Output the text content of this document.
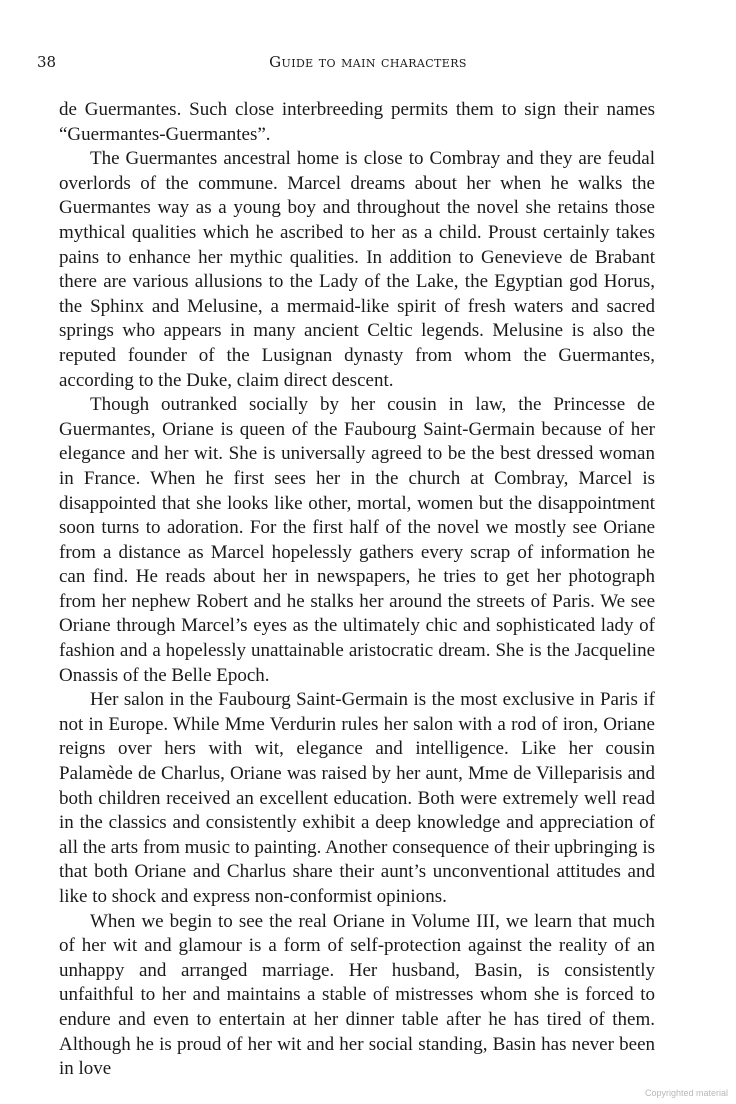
38	Guide to main characters

de Guermantes. Such close interbreeding permits them to sign their names “Guermantes-Guermantes”.

The Guermantes ancestral home is close to Combray and they are feudal overlords of the commune. Marcel dreams about her when he walks the Guermantes way as a young boy and throughout the novel she retains those mythical qualities which he ascribed to her as a child. Proust certainly takes pains to enhance her mythic qualities. In addition to Genevieve de Brabant there are various allusions to the Lady of the Lake, the Egyptian god Horus, the Sphinx and Melusine, a mermaid-like spirit of fresh waters and sacred springs who appears in many ancient Celtic legends. Melusine is also the reputed founder of the Lusignan dynasty from whom the Guermantes, according to the Duke, claim direct descent.

Though outranked socially by her cousin in law, the Princesse de Guermantes, Oriane is queen of the Faubourg Saint-Germain because of her elegance and her wit. She is universally agreed to be the best dressed woman in France. When he first sees her in the church at Combray, Marcel is disappointed that she looks like other, mortal, women but the disappointment soon turns to adoration. For the first half of the novel we mostly see Oriane from a distance as Marcel hopelessly gathers every scrap of information he can find. He reads about her in newspapers, he tries to get her photograph from her nephew Robert and he stalks her around the streets of Paris. We see Oriane through Marcel’s eyes as the ultimately chic and sophisticated lady of fashion and a hopelessly unattainable aristocratic dream. She is the Jacqueline Onassis of the Belle Epoch.

Her salon in the Faubourg Saint-Germain is the most exclusive in Paris if not in Europe. While Mme Verdurin rules her salon with a rod of iron, Oriane reigns over hers with wit, elegance and intelligence. Like her cousin Palamède de Charlus, Oriane was raised by her aunt, Mme de Villeparisis and both children received an excellent education. Both were extremely well read in the classics and consistently exhibit a deep knowledge and appreciation of all the arts from music to painting. Another consequence of their upbringing is that both Oriane and Charlus share their aunt’s unconventional attitudes and like to shock and express non-conformist opinions.

When we begin to see the real Oriane in Volume III, we learn that much of her wit and glamour is a form of self-protection against the reality of an unhappy and arranged marriage. Her husband, Basin, is consistently unfaithful to her and maintains a stable of mistresses whom she is forced to endure and even to entertain at her dinner table after he has tired of them. Although he is proud of her wit and her social standing, Basin has never been in love

Copyrighted material
